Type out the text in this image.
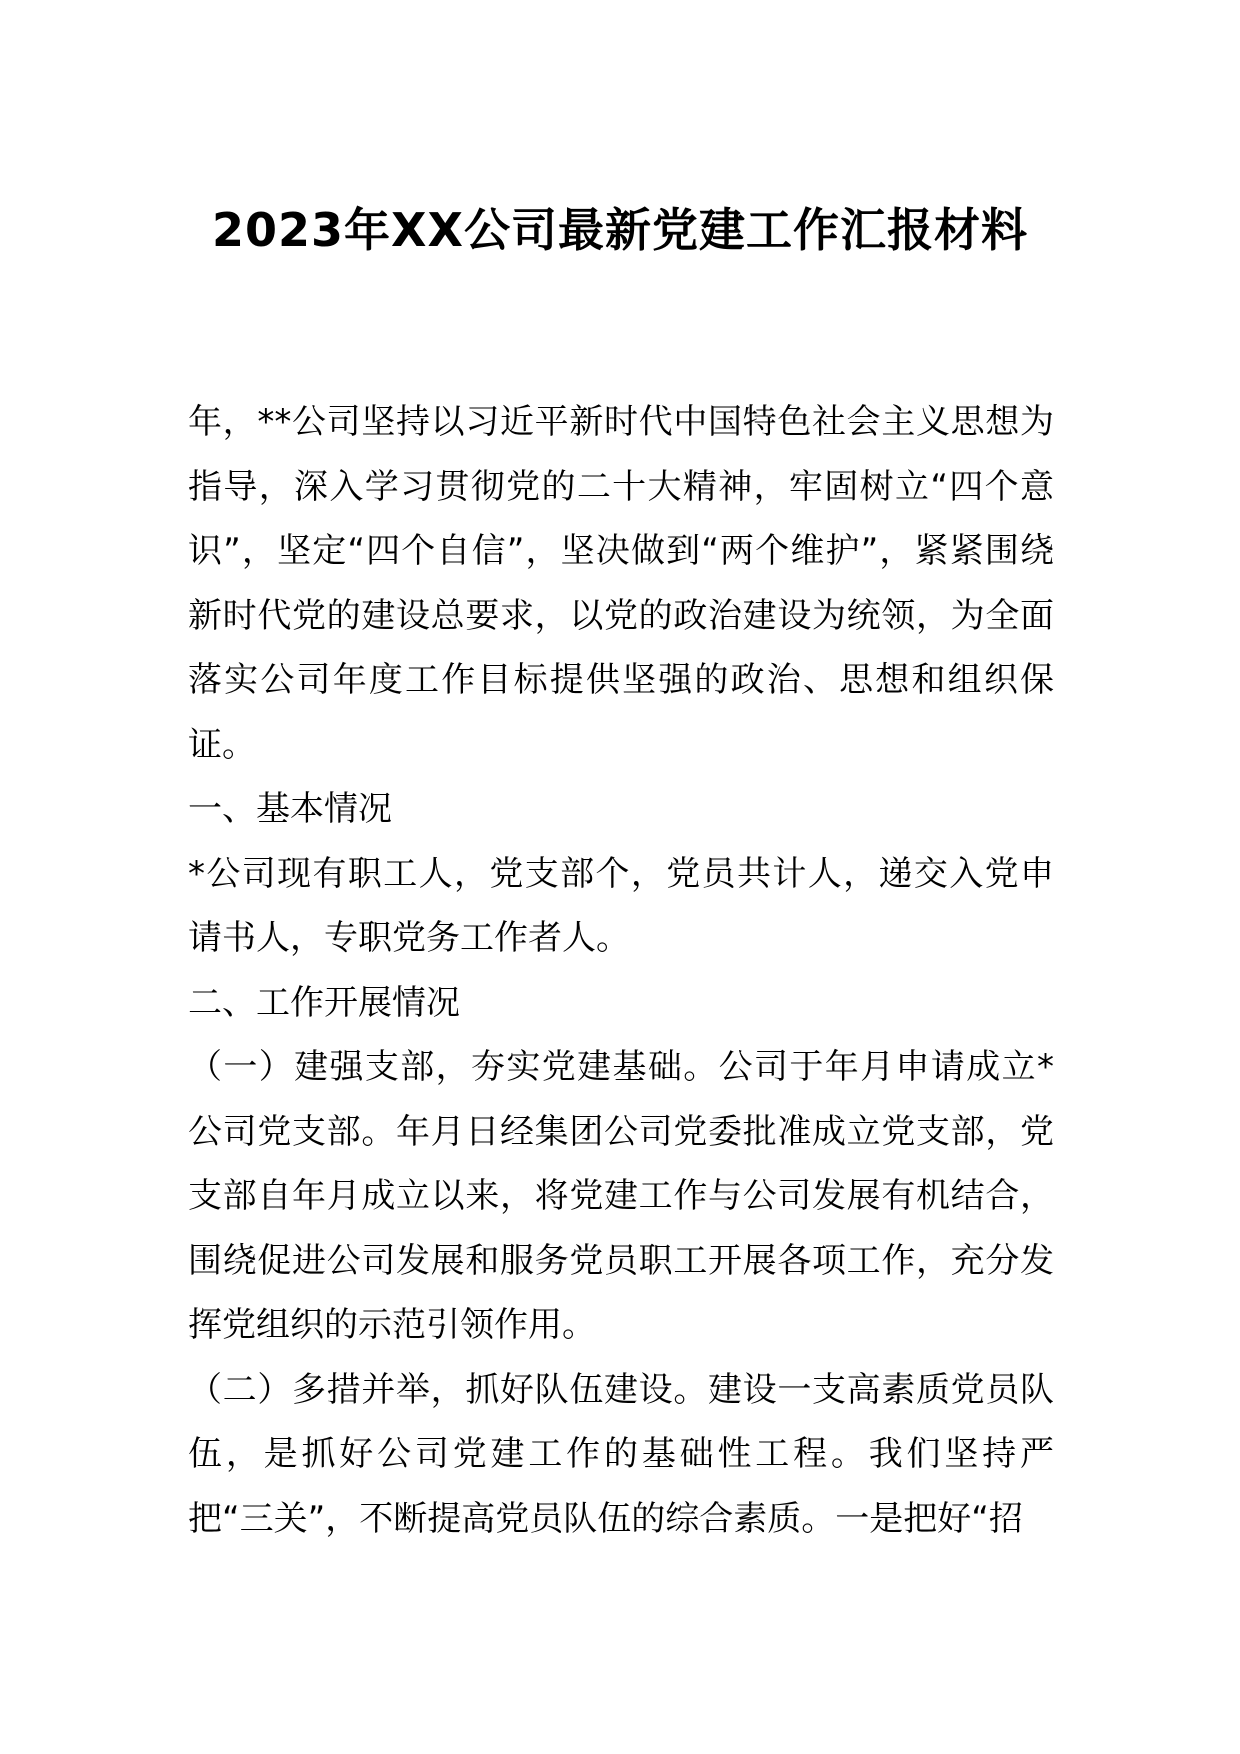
2023年XX公司最新党建工作汇报材料

年，**公司坚持以习近平新时代中国特色社会主义思想为指导，深入学习贯彻党的二十大精神，牢固树立“四个意识”，坚定“四个自信”，坚决做到“两个维护”，紧紧围绕新时代党的建设总要求，以党的政治建设为统领，为全面落实公司年度工作目标提供坚强的政治、思想和组织保证。

一、基本情况

*公司现有职工人，党支部个，党员共计人，递交入党申请书人，专职党务工作者人。

二、工作开展情况

（一）建强支部，夯实党建基础。公司于年月申请成立*公司党支部。年月日经集团公司党委批准成立党支部，党支部自年月成立以来，将党建工作与公司发展有机结合，围绕促进公司发展和服务党员职工开展各项工作，充分发挥党组织的示范引领作用。

（二）多措并举，抓好队伍建设。建设一支高素质党员队伍，是抓好公司党建工作的基础性工程。我们坚持严把“三关”，不断提高党员队伍的综合素质。一是把好“招
